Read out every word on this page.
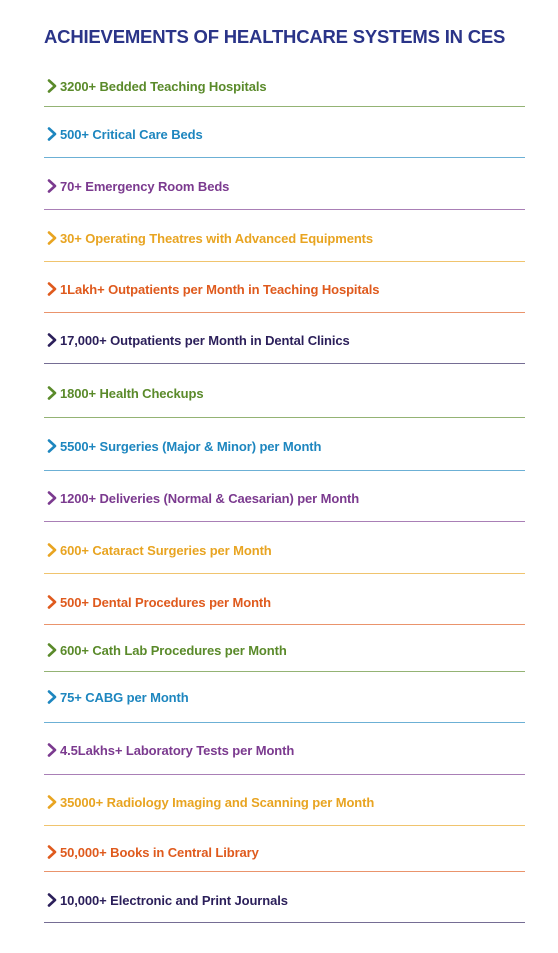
ACHIEVEMENTS OF HEALTHCARE SYSTEMS IN CES
3200+ Bedded Teaching Hospitals
500+ Critical Care Beds
70+ Emergency Room Beds
30+ Operating Theatres with Advanced Equipments
1Lakh+ Outpatients per Month in Teaching Hospitals
17,000+ Outpatients per Month in Dental Clinics
1800+ Health Checkups
5500+ Surgeries (Major & Minor) per Month
1200+ Deliveries (Normal & Caesarian) per Month
600+ Cataract Surgeries per Month
500+ Dental Procedures per Month
600+ Cath Lab Procedures per Month
75+ CABG per Month
4.5Lakhs+ Laboratory Tests per Month
35000+ Radiology Imaging and Scanning per Month
50,000+ Books in Central Library
10,000+ Electronic and Print Journals
